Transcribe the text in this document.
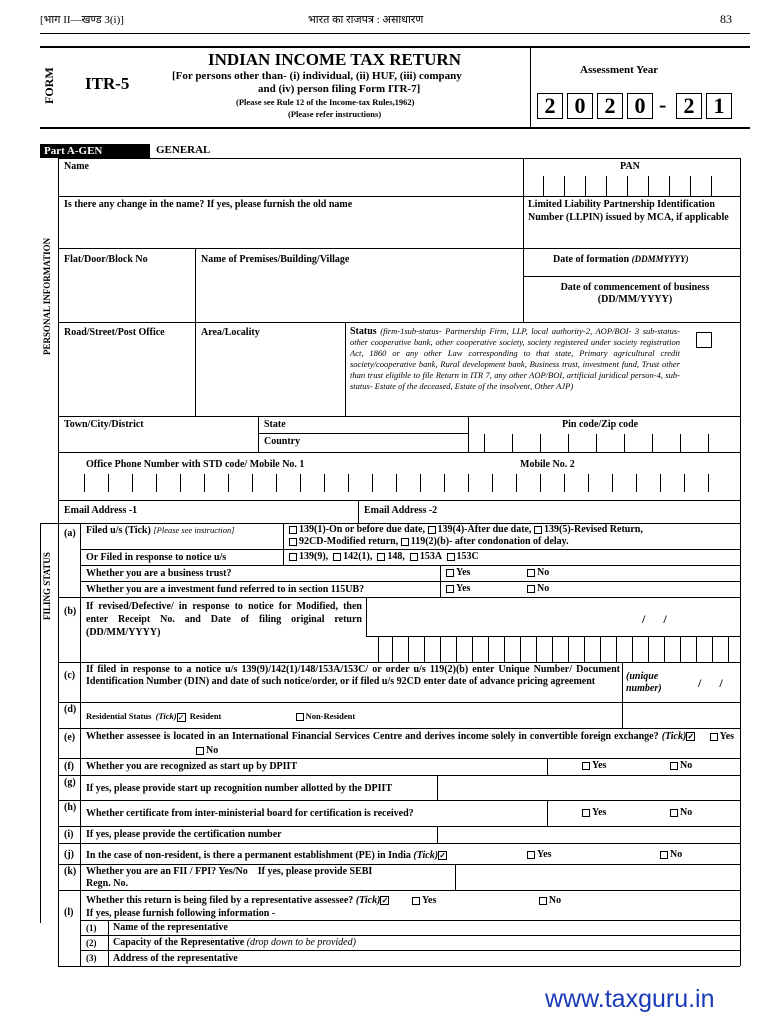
[भाग II—खण्ड 3(i)]	भारत का राजपत्र : असाधारण	83
FORM ITR-5
INDIAN INCOME TAX RETURN
[For persons other than- (i) individual, (ii) HUF, (iii) company
and (iv) person filing Form ITR-7]
(Please see Rule 12 of the Income-tax Rules,1962)
(Please refer instructions)
Assessment Year
2 0 2 0 - 2 1
Part A-GEN	GENERAL
PERSONAL INFORMATION
FILING STATUS
Name	PAN
Is there any change in the name? If yes, please furnish the old name	Limited Liability Partnership Identification Number (LLPIN) issued by MCA, if applicable
Flat/Door/Block No	Name of Premises/Building/Village	Date of formation (DDMMYYYY)
Date of commencement of business
(DD/MM/YYYY)
Road/Street/Post Office	Area/Locality	Status (firm-1sub-status- Partnership Firm, LLP, local authority-2, AOP/BOI- 3 sub-status- other cooperative bank, other cooperative society, society registered under society registration Act, 1860 or any other Law corresponding to that state, Primary agricultural credit society/cooperative bank, Rural development bank, Business trust, investment fund, Trust other than trust eligible to file Return in ITR 7, any other AOP/BOI, artificial juridical person-4, sub-status- Estate of the deceased, Estate of the insolvent, Other AJP)
Town/City/District	State
Country
Pin code/Zip code
Office Phone Number with STD code/ Mobile No. 1	Mobile No. 2
Email Address -1	Email Address -2
(a) Filed u/s (Tick) [Please see instruction]	139(1)-On or before due date, 139(4)-After due date, 139(5)-Revised Return,
92CD-Modified return, 119(2)(b)- after condonation of delay.
Or Filed in response to notice u/s	139(9), 142(1), 148, 153A 153C
Whether you are a business trust?	Yes	No
Whether you are a investment fund referred to in section 115UB?	Yes	No
(b) If revised/Defective/ in response to notice for Modified, then enter Receipt No. and Date of filing original return (DD/MM/YYYY)
/      /
(c)
If filed in response to a notice u/s 139(9)/142(1)/148/153A/153C/ or order u/s 119(2)(b) enter Unique Number/ Document Identification Number (DIN) and date of such notice/order, or if filed u/s 92CD enter date of advance pricing agreement	(unique number)	/      /
(d)
Residential Status (Tick)✓ Resident	Non-Resident
(e) Whether assessee is located in an International Financial Services Centre and derives income solely in convertible foreign exchange? (Tick)✓	Yes No
(f) Whether you are recognized as start up by DPIIT	Yes	No
(g)
If yes, please provide start up recognition number allotted by the DPIIT
(h)
Whether certificate from inter-ministerial board for certification is received?	Yes	No
(i) If yes, please provide the certification number
(j) In the case of non-resident, is there a permanent establishment (PE) in India (Tick)✓	Yes	No
(k) Whether you are an FII / FPI? Yes/No If yes, please provide SEBI
Regn. No.
(l)
Whether this return is being filed by a representative assessee? (Tick)✓	Yes	No
If yes, please furnish following information -
(1) Name of the representative
(2) Capacity of the Representative (drop down to be provided)
(3) Address of the representative
www.taxguru.in
